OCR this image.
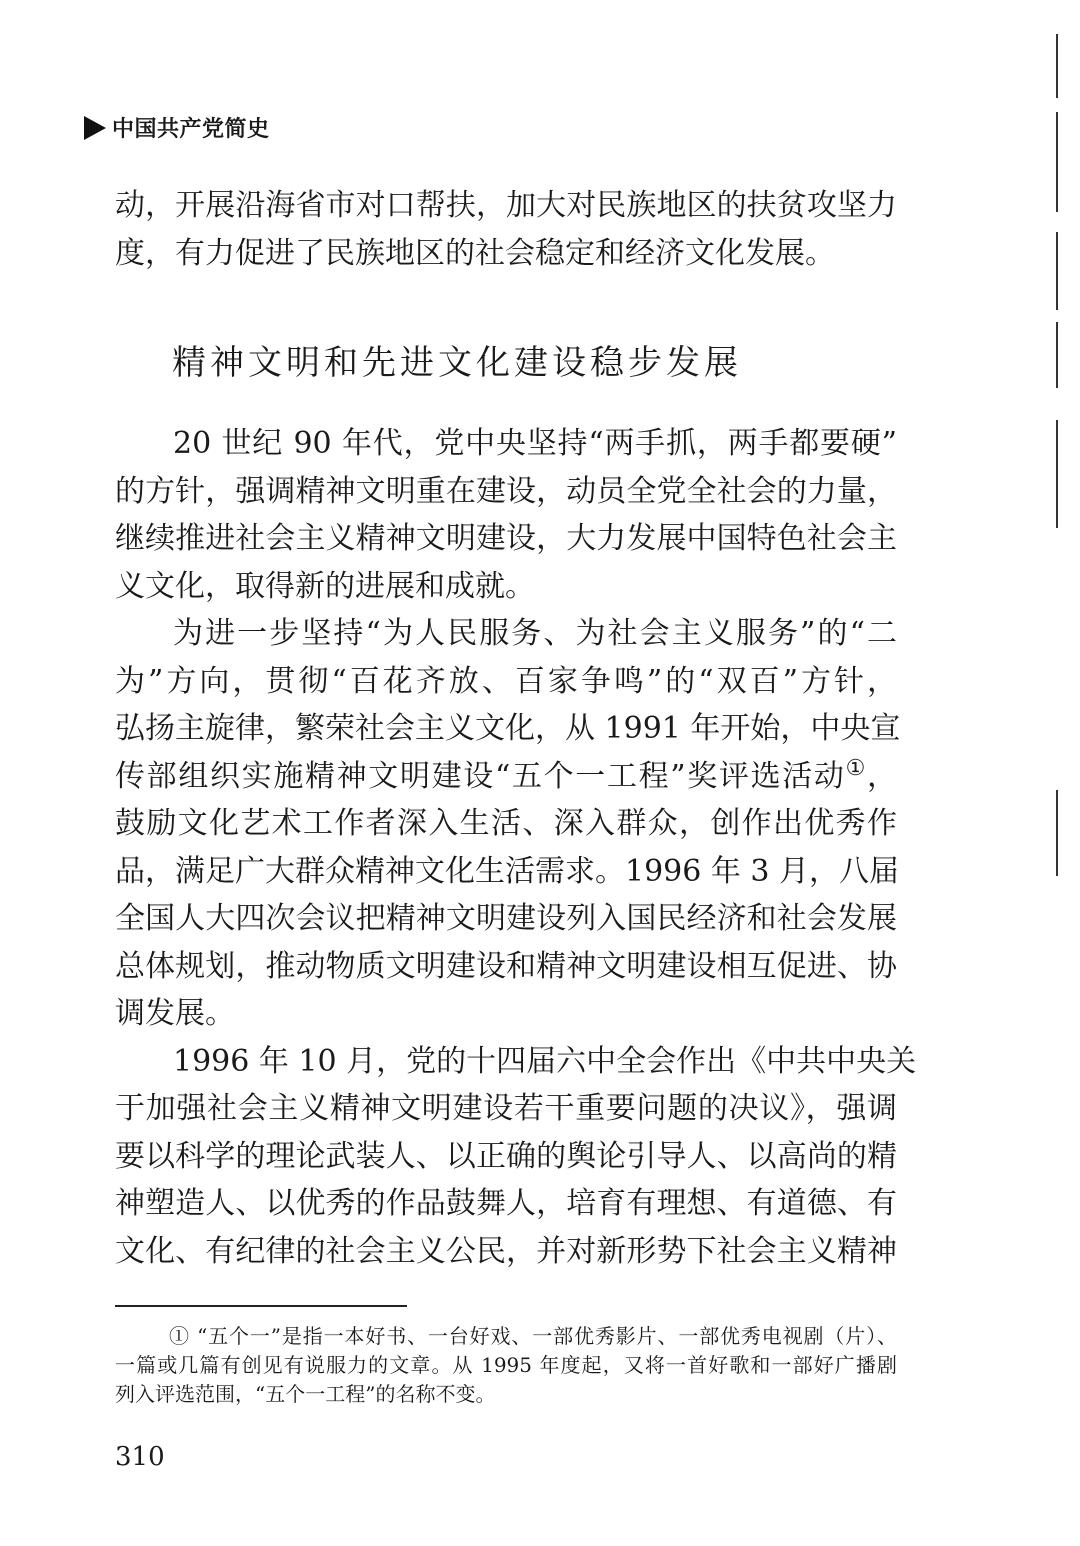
中国共产党简史
动，开展沿海省市对口帮扶，加大对民族地区的扶贫攻坚力
度，有力促进了民族地区的社会稳定和经济文化发展。
精神文明和先进文化建设稳步发展
20 世纪 90 年代，党中央坚持“两手抓，两手都要硬”
的方针，强调精神文明重在建设，动员全党全社会的力量，
继续推进社会主义精神文明建设，大力发展中国特色社会主
义文化，取得新的进展和成就。
为进一步坚持“为人民服务、为社会主义服务”的“二
为”方向，贯彻“百花齐放、百家争鸣”的“双百”方针，
弘扬主旋律，繁荣社会主义文化，从 1991 年开始，中央宣
传部组织实施精神文明建设“五个一工程”奖评选活动①，
鼓励文化艺术工作者深入生活、深入群众，创作出优秀作
品，满足广大群众精神文化生活需求。1996 年 3 月，八届
全国人大四次会议把精神文明建设列入国民经济和社会发展
总体规划，推动物质文明建设和精神文明建设相互促进、协
调发展。
1996 年 10 月，党的十四届六中全会作出《中共中央关
于加强社会主义精神文明建设若干重要问题的决议》，强调
要以科学的理论武装人、以正确的舆论引导人、以高尚的精
神塑造人、以优秀的作品鼓舞人，培育有理想、有道德、有
文化、有纪律的社会主义公民，并对新形势下社会主义精神
① “五个一”是指一本好书、一台好戏、一部优秀影片、一部优秀电视剧（片）、
一篇或几篇有创见有说服力的文章。从 1995 年度起，又将一首好歌和一部好广播剧
列入评选范围，“五个一工程”的名称不变。
310
